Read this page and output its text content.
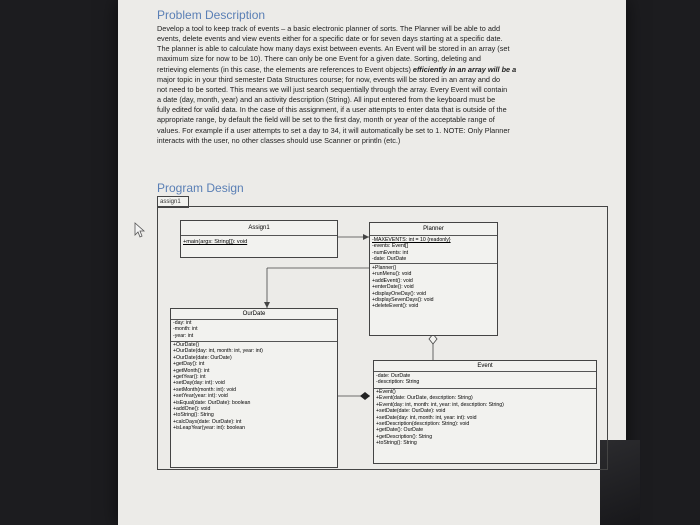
Problem Description
Develop a tool to keep track of events – a basic electronic planner of sorts. The Planner will be able to add
events, delete events and view events either for a specific date or for seven days starting at a specific date.
The planner is able to calculate how many days exist between events. An Event will be stored in an array (set
maximum size for now to be 10). There can only be one Event for a given date. Sorting, deleting and
retrieving elements (in this case, the elements are references to Event objects) efficiently in an array will be a
major topic in your third semester Data Structures course; for now, events will be stored in an array and do
not need to be sorted. This means we will just search sequentially through the array. Every Event will contain
a date (day, month, year) and an activity description (String). All input entered from the keyboard must be
fully edited for valid data. In the case of this assignment, if a user attempts to enter data that is outside of the
appropriate range, by default the field will be set to the first day, month or year of the acceptable range of
values. For example if a user attempts to set a day to 34, it will automatically be set to 1. NOTE: Only Planner
interacts with the user, no other classes should use Scanner or println (etc.)
Program Design
assign1
Assign1
+main(args: String[]): void
Planner
-MAXEVENTS: int = 10 {readonly}
-events: Event[]
-numEvents: int
-date: OurDate
+Planner()
+runMenu(): void
+addEvent(): void
+enterDate(): void
+displayOneDay(): void
+displaySevenDays(): void
+deleteEvent(): void
OurDate
-day: int
-month: int
-year: int
+OurDate()
+OurDate(day: int, month: int, year: int)
+OurDate(date: OurDate)
+getDay(): int
+getMonth(): int
+getYear(): int
+setDay(day: int): void
+setMonth(month: int): void
+setYear(year: int): void
+isEqual(date: OurDate): boolean
+addOne(): void
+toString(): String
+calcDays(date: OurDate): int
+isLeapYear(year: int): boolean
Event
-date: OurDate
-description: String
+Event()
+Event(date: OurDate, description: String)
+Event(day: int, month: int, year: int, description: String)
+setDate(date: OurDate): void
+setDate(day: int, month: int, year: int): void
+setDescription(description: String): void
+getDate(): OurDate
+getDescription(): String
+toString(): String
